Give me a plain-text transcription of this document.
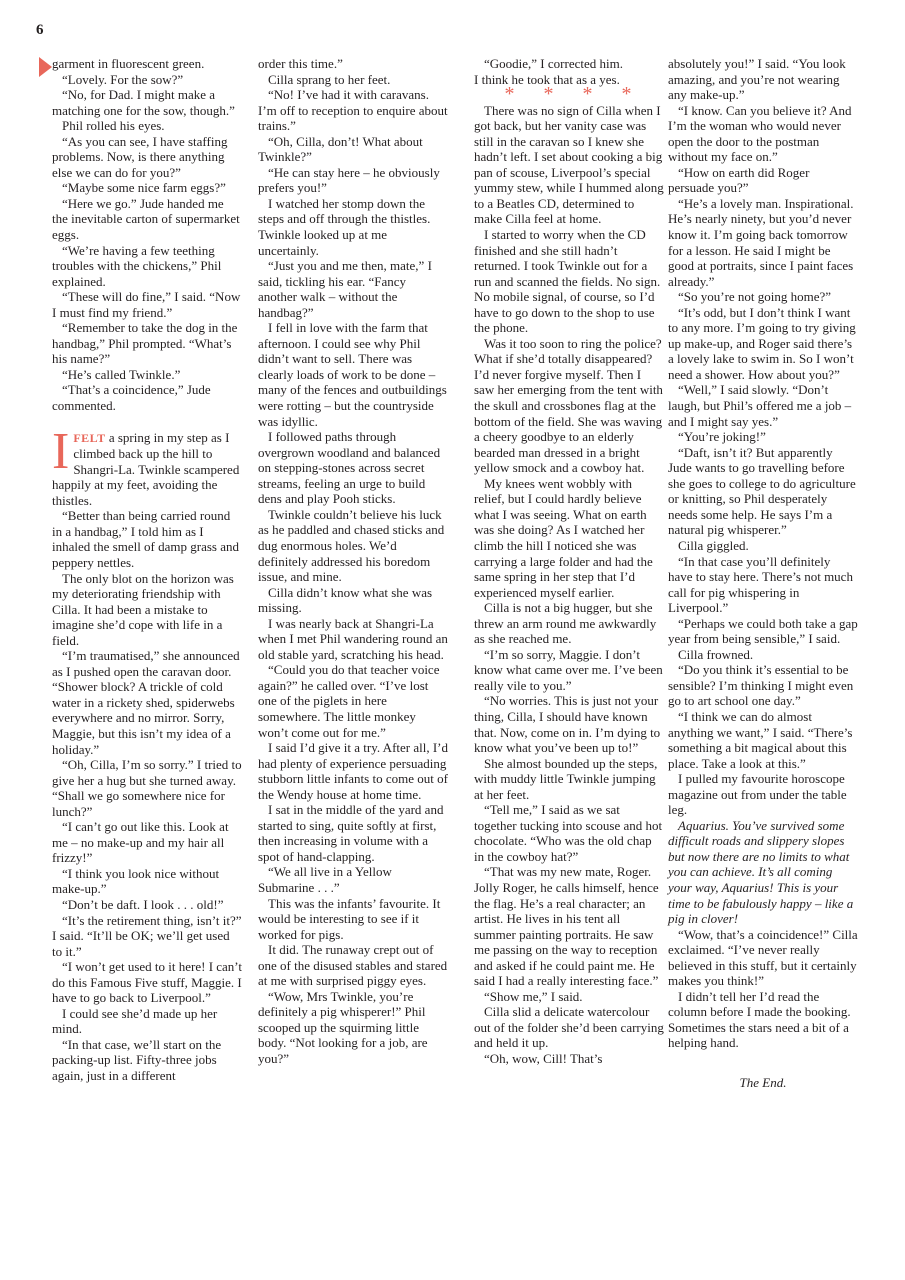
6

garment in fluorescent green.

“Lovely. For the sow?”

“No, for Dad. I might make a matching one for the sow, though.”

Phil rolled his eyes.

“As you can see, I have staffing problems. Now, is there anything else we can do for you?”

“Maybe some nice farm eggs?”

“Here we go.” Jude handed me the inevitable carton of supermarket eggs.

“We’re having a few teething troubles with the chickens,” Phil explained.

“These will do fine,” I said. “Now I must find my friend.”

“Remember to take the dog in the handbag,” Phil prompted. “What’s his name?”

“He’s called Twinkle.”

“That’s a coincidence,” Jude commented.

IFELT a spring in my step as I climbed back up the hill to Shangri-La. Twinkle scampered happily at my feet, avoiding the thistles.

“Better than being carried round in a handbag,” I told him as I inhaled the smell of damp grass and peppery nettles.

The only blot on the horizon was my deteriorating friendship with Cilla. It had been a mistake to imagine she’d cope with life in a field.

“I’m traumatised,” she announced as I pushed open the caravan door. “Shower block? A trickle of cold water in a rickety shed, spiderwebs everywhere and no mirror. Sorry, Maggie, but this isn’t my idea of a holiday.”

“Oh, Cilla, I’m so sorry.” I tried to give her a hug but she turned away. “Shall we go somewhere nice for lunch?”

“I can’t go out like this. Look at me – no make-up and my hair all frizzy!”

“I think you look nice without make-up.”

“Don’t be daft. I look . . . old!”

“It’s the retirement thing, isn’t it?” I said. “It’ll be OK; we’ll get used to it.”

“I won’t get used to it here! I can’t do this Famous Five stuff, Maggie. I have to go back to Liverpool.”

I could see she’d made up her mind.

“In that case, we’ll start on the packing-up list. Fifty-three jobs again, just in a different

order this time.”

Cilla sprang to her feet.

“No! I’ve had it with caravans. I’m off to reception to enquire about trains.”

“Oh, Cilla, don’t! What about Twinkle?”

“He can stay here – he obviously prefers you!”

I watched her stomp down the steps and off through the thistles. Twinkle looked up at me uncertainly.

“Just you and me then, mate,” I said, tickling his ear. “Fancy another walk – without the handbag?”

I fell in love with the farm that afternoon. I could see why Phil didn’t want to sell. There was clearly loads of work to be done – many of the fences and outbuildings were rotting – but the countryside was idyllic.

I followed paths through overgrown woodland and balanced on stepping-stones across secret streams, feeling an urge to build dens and play Pooh sticks.

Twinkle couldn’t believe his luck as he paddled and chased sticks and dug enormous holes. We’d definitely addressed his boredom issue, and mine.

Cilla didn’t know what she was missing.

I was nearly back at Shangri-La when I met Phil wandering round an old stable yard, scratching his head.

“Could you do that teacher voice again?” he called over. “I’ve lost one of the piglets in here somewhere. The little monkey won’t come out for me.”

I said I’d give it a try. After all, I’d had plenty of experience persuading stubborn little infants to come out of the Wendy house at home time.

I sat in the middle of the yard and started to sing, quite softly at first, then increasing in volume with a spot of hand-clapping.

“We all live in a Yellow Submarine . . .”

This was the infants’ favourite. It would be interesting to see if it worked for pigs.

It did. The runaway crept out of one of the disused stables and stared at me with surprised piggy eyes.

“Wow, Mrs Twinkle, you’re definitely a pig whisperer!” Phil scooped up the squirming little body. “Not looking for a job, are you?”

“Goodie,” I corrected him.

I think he took that as a yes.

* * * *

There was no sign of Cilla when I got back, but her vanity case was still in the caravan so I knew she hadn’t left. I set about cooking a big pan of scouse, Liverpool’s special yummy stew, while I hummed along to a Beatles CD, determined to make Cilla feel at home.

I started to worry when the CD finished and she still hadn’t returned. I took Twinkle out for a run and scanned the fields. No sign. No mobile signal, of course, so I’d have to go down to the shop to use the phone.

Was it too soon to ring the police? What if she’d totally disappeared? I’d never forgive myself. Then I saw her emerging from the tent with the skull and crossbones flag at the bottom of the field. She was waving a cheery goodbye to an elderly bearded man dressed in a bright yellow smock and a cowboy hat.

My knees went wobbly with relief, but I could hardly believe what I was seeing. What on earth was she doing? As I watched her climb the hill I noticed she was carrying a large folder and had the same spring in her step that I’d experienced myself earlier.

Cilla is not a big hugger, but she threw an arm round me awkwardly as she reached me.

“I’m so sorry, Maggie. I don’t know what came over me. I’ve been really vile to you.”

“No worries. This is just not your thing, Cilla, I should have known that. Now, come on in. I’m dying to know what you’ve been up to!”

She almost bounded up the steps, with muddy little Twinkle jumping at her feet.

“Tell me,” I said as we sat together tucking into scouse and hot chocolate. “Who was the old chap in the cowboy hat?”

“That was my new mate, Roger. Jolly Roger, he calls himself, hence the flag. He’s a real character; an artist. He lives in his tent all summer painting portraits. He saw me passing on the way to reception and asked if he could paint me. He said I had a really interesting face.”

“Show me,” I said.

Cilla slid a delicate watercolour out of the folder she’d been carrying and held it up.

“Oh, wow, Cill! That’s

absolutely you!” I said. “You look amazing, and you’re not wearing any make-up.”

“I know. Can you believe it? And I’m the woman who would never open the door to the postman without my face on.”

“How on earth did Roger persuade you?”

“He’s a lovely man. Inspirational. He’s nearly ninety, but you’d never know it. I’m going back tomorrow for a lesson. He said I might be good at portraits, since I paint faces already.”

“So you’re not going home?”

“It’s odd, but I don’t think I want to any more. I’m going to try giving up make-up, and Roger said there’s a lovely lake to swim in. So I won’t need a shower. How about you?”

“Well,” I said slowly. “Don’t laugh, but Phil’s offered me a job – and I might say yes.”

“You’re joking!”

“Daft, isn’t it? But apparently Jude wants to go travelling before she goes to college to do agriculture or knitting, so Phil desperately needs some help. He says I’m a natural pig whisperer.”

Cilla giggled.

“In that case you’ll definitely have to stay here. There’s not much call for pig whispering in Liverpool.”

“Perhaps we could both take a gap year from being sensible,” I said.

Cilla frowned.

“Do you think it’s essential to be sensible? I’m thinking I might even go to art school one day.”

“I think we can do almost anything we want,” I said. “There’s something a bit magical about this place. Take a look at this.”

I pulled my favourite horoscope magazine out from under the table leg.

Aquarius. You’ve survived some difficult roads and slippery slopes but now there are no limits to what you can achieve. It’s all coming your way, Aquarius! This is your time to be fabulously happy – like a pig in clover!

“Wow, that’s a coincidence!” Cilla exclaimed. “I’ve never really believed in this stuff, but it certainly makes you think!”

I didn’t tell her I’d read the column before I made the booking. Sometimes the stars need a bit of a helping hand.

The End.
